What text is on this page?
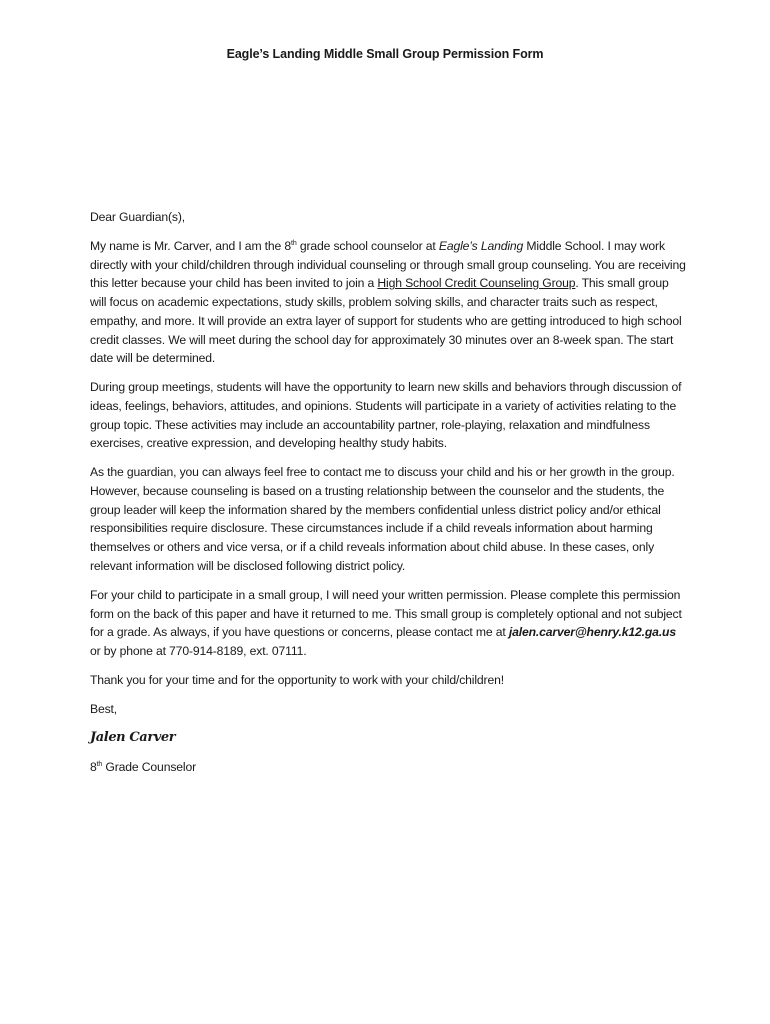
Eagle’s Landing Middle Small Group Permission Form

Dear Guardian(s),

My name is Mr. Carver, and I am the 8th grade school counselor at Eagle’s Landing Middle School. I may work directly with your child/children through individual counseling or through small group counseling. You are receiving this letter because your child has been invited to join a High School Credit Counseling Group. This small group will focus on academic expectations, study skills, problem solving skills, and character traits such as respect, empathy, and more. It will provide an extra layer of support for students who are getting introduced to high school credit classes. We will meet during the school day for approximately 30 minutes over an 8-week span. The start date will be determined.

During group meetings, students will have the opportunity to learn new skills and behaviors through discussion of ideas, feelings, behaviors, attitudes, and opinions. Students will participate in a variety of activities relating to the group topic. These activities may include an accountability partner, role-playing, relaxation and mindfulness exercises, creative expression, and developing healthy study habits.

As the guardian, you can always feel free to contact me to discuss your child and his or her growth in the group. However, because counseling is based on a trusting relationship between the counselor and the students, the group leader will keep the information shared by the members confidential unless district policy and/or ethical responsibilities require disclosure. These circumstances include if a child reveals information about harming themselves or others and vice versa, or if a child reveals information about child abuse. In these cases, only relevant information will be disclosed following district policy.

For your child to participate in a small group, I will need your written permission. Please complete this permission form on the back of this paper and have it returned to me. This small group is completely optional and not subject for a grade. As always, if you have questions or concerns, please contact me at jalen.carver@henry.k12.ga.us or by phone at 770-914-8189, ext. 07111.

Thank you for your time and for the opportunity to work with your child/children!

Best,

Jalen Carver

8th Grade Counselor
